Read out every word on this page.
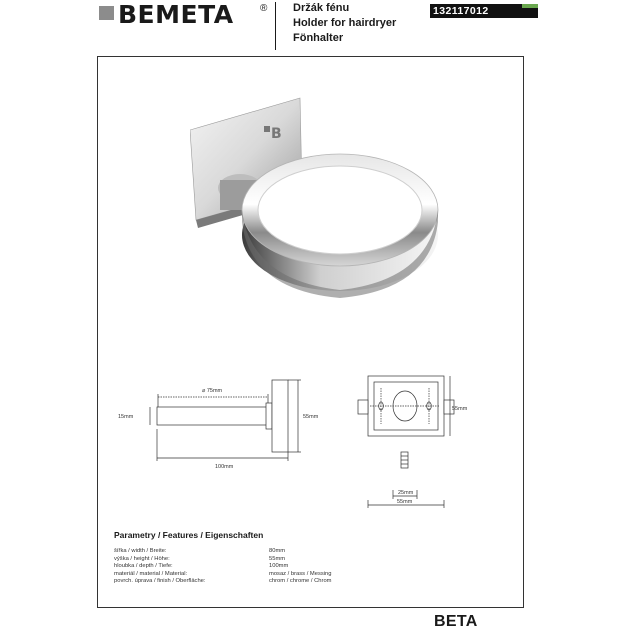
BEMETA	® Držák fénu
Holder for hairdryer
Fönhalter
132117012
B
⌀ 75mm
15mm	55mm
100mm
55mm
25mm
55mm
Parametry / Features / Eigenschaften
šířka / width / Breite:	80mm
výška / height / Höhe:	55mm
hloubka / depth / Tiefe:	100mm
materiál / material / Material:	mosaz / brass / Messing
povrch. úprava / finish / Oberfläche:	chrom / chrome / Chrom
BETA
